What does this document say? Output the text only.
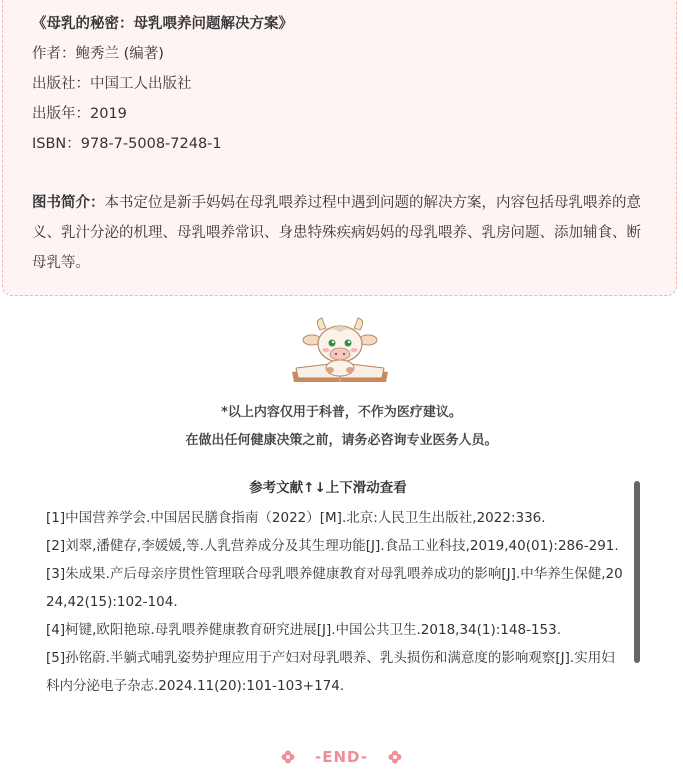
《母乳的秘密：母乳喂养问题解决方案》
作者：鲍秀兰 (编著)
出版社：中国工人出版社
出版年：2019
ISBN：978-7-5008-7248-1
图书简介：本书定位是新手妈妈在母乳喂养过程中遇到问题的解决方案，内容包括母乳喂养的意义、乳汁分泌的机理、母乳喂养常识、身患特殊疾病妈妈的母乳喂养、乳房问题、添加辅食、断母乳等。
*以上内容仅用于科普，不作为医疗建议。
在做出任何健康决策之前，请务必咨询专业医务人员。
参考文献↑↓上下滑动查看
[1]中国营养学会.中国居民膳食指南（2022）[M].北京:人民卫生出版社,2022:336.
[2]刘翠,潘健存,李媛媛,等.人乳营养成分及其生理功能[J].食品工业科技,2019,40(01):286-291.
[3]朱成果.产后母亲序贯性管理联合母乳喂养健康教育对母乳喂养成功的影响[J].中华养生保健,2024,42(15):102-104.
[4]柯键,欧阳艳琼.母乳喂养健康教育研究进展[J].中国公共卫生.2018,34(1):148-153.
[5]孙铭蔚.半躺式哺乳姿势护理应用于产妇对母乳喂养、乳头损伤和满意度的影响观察[J].实用妇科内分泌电子杂志.2024.11(20):101-103+174.
-END-
